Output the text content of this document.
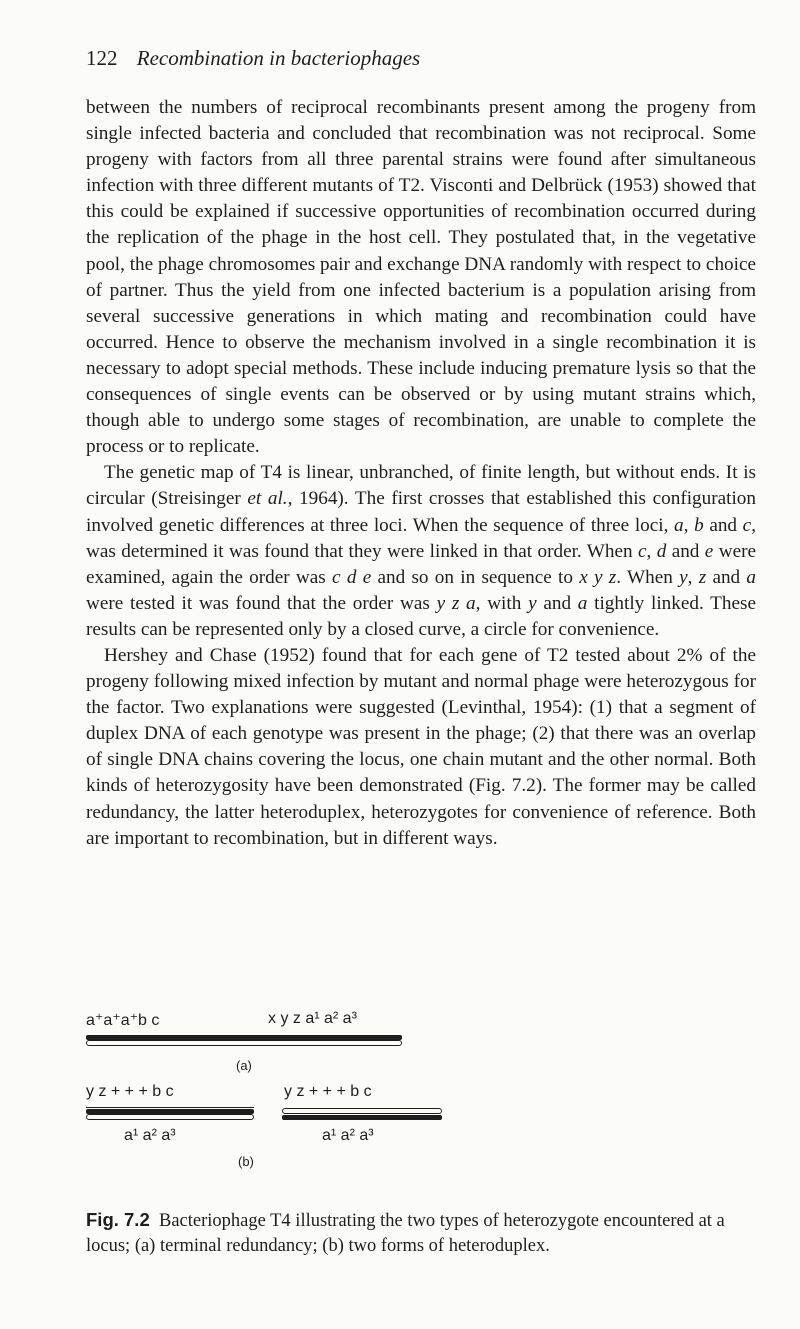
122 Recombination in bacteriophages

between the numbers of reciprocal recombinants present among the progeny from single infected bacteria and concluded that recombination was not reciprocal. Some progeny with factors from all three parental strains were found after simultaneous infection with three different mutants of T2. Visconti and Delbrück (1953) showed that this could be explained if successive opportunities of recombination occurred during the replication of the phage in the host cell. They postulated that, in the vegetative pool, the phage chromosomes pair and exchange DNA randomly with respect to choice of partner. Thus the yield from one infected bacterium is a population arising from several successive generations in which mating and recombination could have occurred. Hence to observe the mechanism involved in a single recombination it is necessary to adopt special methods. These include inducing premature lysis so that the consequences of single events can be observed or by using mutant strains which, though able to undergo some stages of recombination, are unable to complete the process or to replicate.

The genetic map of T4 is linear, unbranched, of finite length, but without ends. It is circular (Streisinger et al., 1964). The first crosses that established this configuration involved genetic differences at three loci. When the sequence of three loci, a, b and c, was determined it was found that they were linked in that order. When c, d and e were examined, again the order was c d e and so on in sequence to x y z. When y, z and a were tested it was found that the order was y z a, with y and a tightly linked. These results can be represented only by a closed curve, a circle for convenience.

Hershey and Chase (1952) found that for each gene of T2 tested about 2% of the progeny following mixed infection by mutant and normal phage were heterozygous for the factor. Two explanations were suggested (Levinthal, 1954): (1) that a segment of duplex DNA of each genotype was present in the phage; (2) that there was an overlap of single DNA chains covering the locus, one chain mutant and the other normal. Both kinds of heterozygosity have been demonstrated (Fig. 7.2). The former may be called redundancy, the latter heteroduplex, heterozygotes for convenience of reference. Both are important to recombination, but in different ways.

a⁺a⁺a⁺b c	x y z a¹ a² a³
(a)
y z + + + b c
a¹ a² a³
y z + + + b c
a¹ a² a³
(b)
Fig. 7.2 Bacteriophage T4 illustrating the two types of heterozygote encountered at a locus; (a) terminal redundancy; (b) two forms of heteroduplex.
